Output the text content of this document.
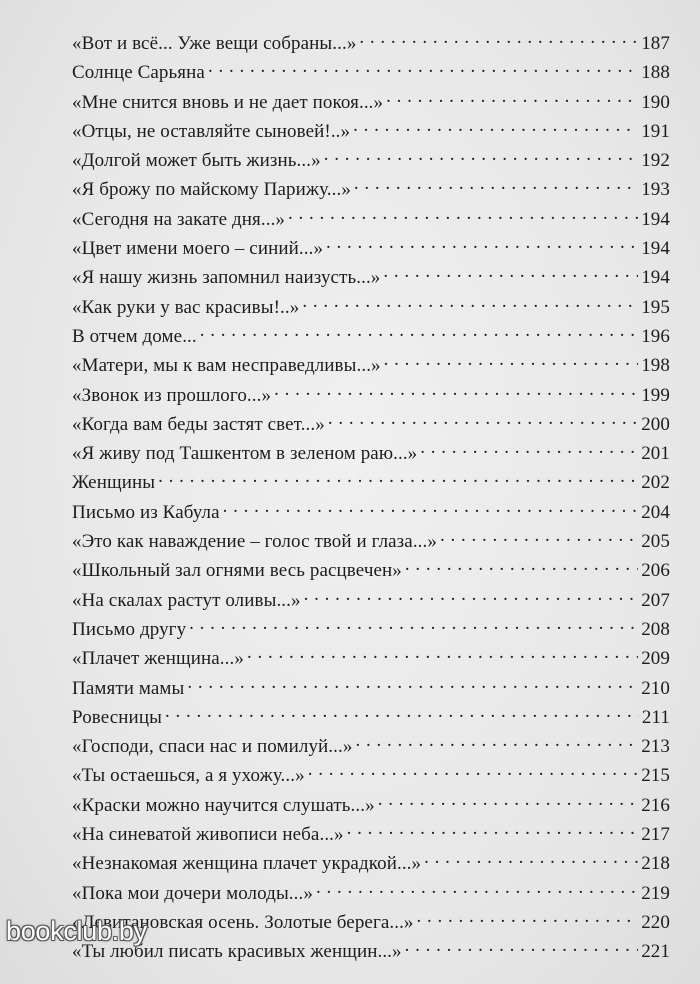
«Вот и всё... Уже вещи собраны...» . . .	187
Солнце Сарьяна . . .	188
«Мне снится вновь и не дает покоя...» . . .	190
«Отцы, не оставляйте сыновей!..» . . .	191
«Долгой может быть жизнь...» . . .	192
«Я брожу по майскому Парижу...» . . .	193
«Сегодня на закате дня...» . . .	194
«Цвет имени моего – синий...» . . .	194
«Я нашу жизнь запомнил наизусть...» . . .	194
«Как руки у вас красивы!..» . . .	195
В отчем доме... . . .	196
«Матери, мы к вам несправедливы...» . . .	198
«Звонок из прошлого...» . . .	199
«Когда вам беды застят свет...» . . .	200
«Я живу под Ташкентом в зеленом раю...» . . .	201
Женщины . . .	202
Письмо из Кабула . . .	204
«Это как наваждение – голос твой и глаза...» . . .	205
«Школьный зал огнями весь расцвечен» . . .	206
«На скалах растут оливы...» . . .	207
Письмо другу . . .	208
«Плачет женщина...» . . .	209
Памяти мамы . . .	210
Ровесницы . . .	211
«Господи, спаси нас и помилуй...» . . .	213
«Ты остаешься, а я ухожу...» . . .	215
«Краски можно научится слушать...» . . .	216
«На синеватой живописи неба...» . . .	217
«Незнакомая женщина плачет украдкой...» . . .	218
«Пока мои дочери молоды...» . . .	219
«Левитановская осень. Золотые берега...» . . .	220
«Ты любил писать красивых женщин...» . . .	221
bookclub.by
